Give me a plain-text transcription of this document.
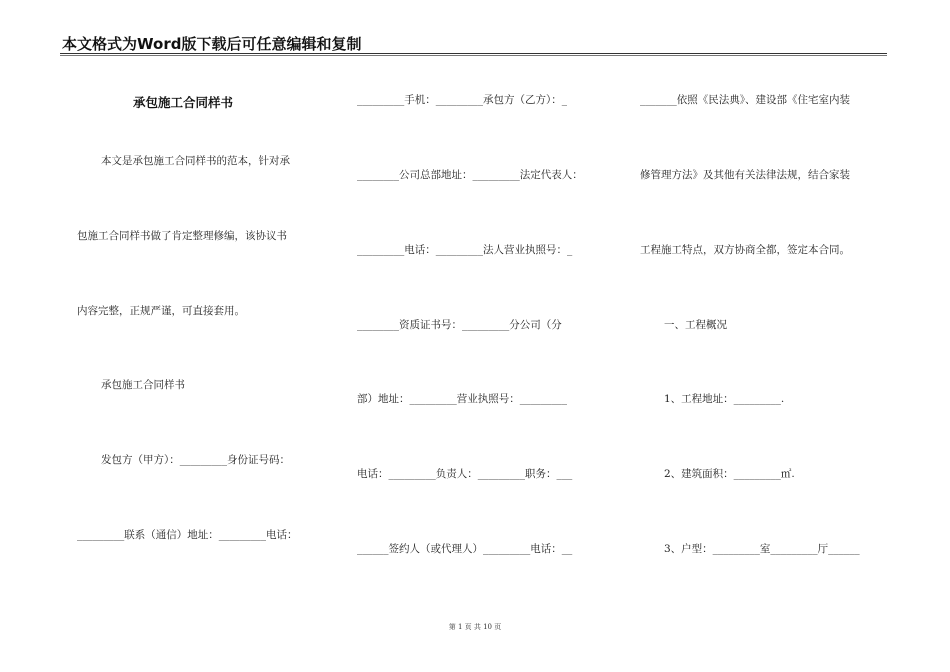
本文格式为Word版下载后可任意编辑和复制
承包施工合同样书
本文是承包施工合同样书的范本，针对承
包施工合同样书做了肯定整理修编，该协议书
内容完整，正规严谨，可直接套用。
承包施工合同样书
发包方（甲方）：_________身份证号码：
_________联系（通信）地址：_________电话：
_________手机：_________承包方（乙方）：_
________公司总部地址：_________法定代表人：
_________电话：_________法人营业执照号：_
________资质证书号：_________分公司（分
部）地址：_________营业执照号：_________
电话：_________负责人：_________职务：___
______签约人（或代理人）_________电话：__
_______依照《民法典》、建设部《住宅室内装
修管理方法》及其他有关法律法规，结合家装
工程施工特点，双方协商全都，签定本合同。
一、工程概况
1、工程地址：_________.
2、建筑面积：_________㎡.
3、户型：_________室_________厅______
第 1 页 共 10 页
